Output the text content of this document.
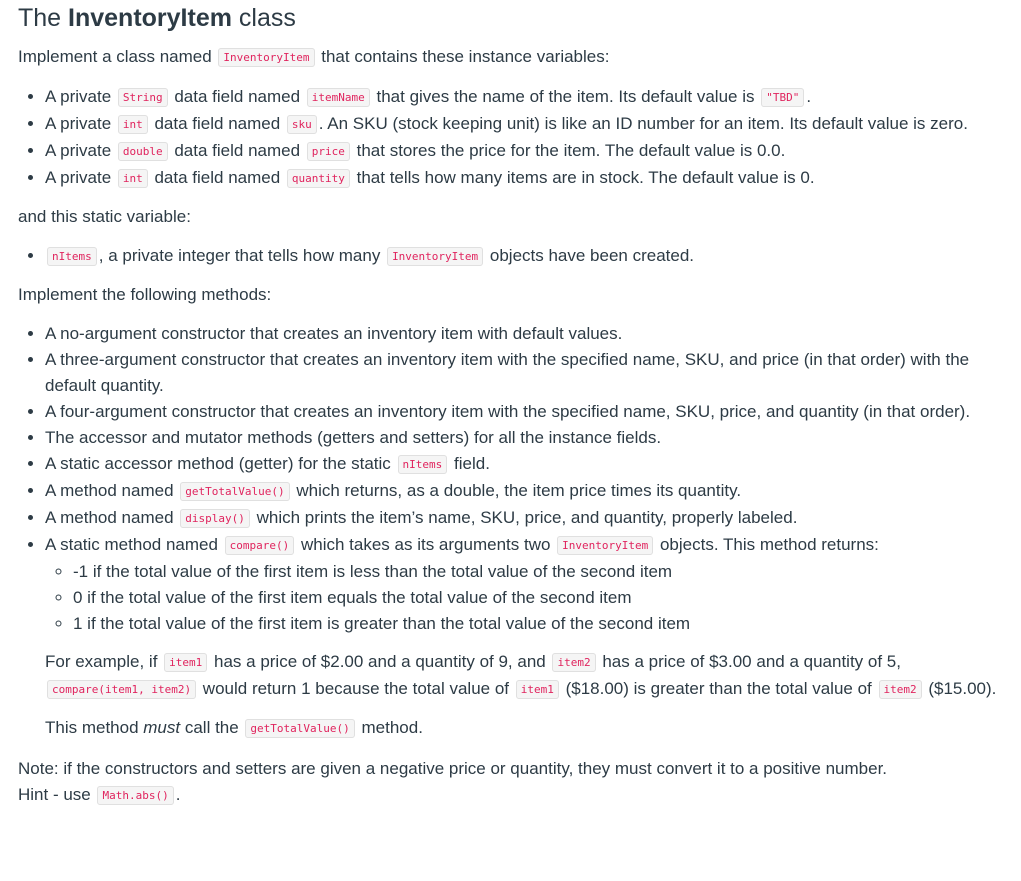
The InventoryItem class

Implement a class named InventoryItem that contains these instance variables:

• A private String data field named itemName that gives the name of the item. Its default value is "TBD" .
• A private int data field named sku . An SKU (stock keeping unit) is like an ID number for an item. Its default value is zero.
• A private double data field named price that stores the price for the item. The default value is 0.0.
• A private int data field named quantity that tells how many items are in stock. The default value is 0.

and this static variable:

• nItems , a private integer that tells how many InventoryItem objects have been created.

Implement the following methods:

• A no-argument constructor that creates an inventory item with default values.
• A three-argument constructor that creates an inventory item with the specified name, SKU, and price (in that order) with the default quantity.
• A four-argument constructor that creates an inventory item with the specified name, SKU, price, and quantity (in that order).
• The accessor and mutator methods (getters and setters) for all the instance fields.
• A static accessor method (getter) for the static nItems field.
• A method named getTotalValue() which returns, as a double, the item price times its quantity.
• A method named display() which prints the item’s name, SKU, price, and quantity, properly labeled.
• A static method named compare() which takes as its arguments two InventoryItem objects. This method returns:
◦ -1 if the total value of the first item is less than the total value of the second item
◦ 0 if the total value of the first item equals the total value of the second item
◦ 1 if the total value of the first item is greater than the total value of the second item

For example, if item1 has a price of $2.00 and a quantity of 9, and item2 has a price of $3.00 and a quantity of 5, compare(item1, item2) would return 1 because the total value of item1 ($18.00) is greater than the total value of item2 ($15.00).

This method must call the getTotalValue() method.

Note: if the constructors and setters are given a negative price or quantity, they must convert it to a positive number.
Hint - use Math.abs() .
